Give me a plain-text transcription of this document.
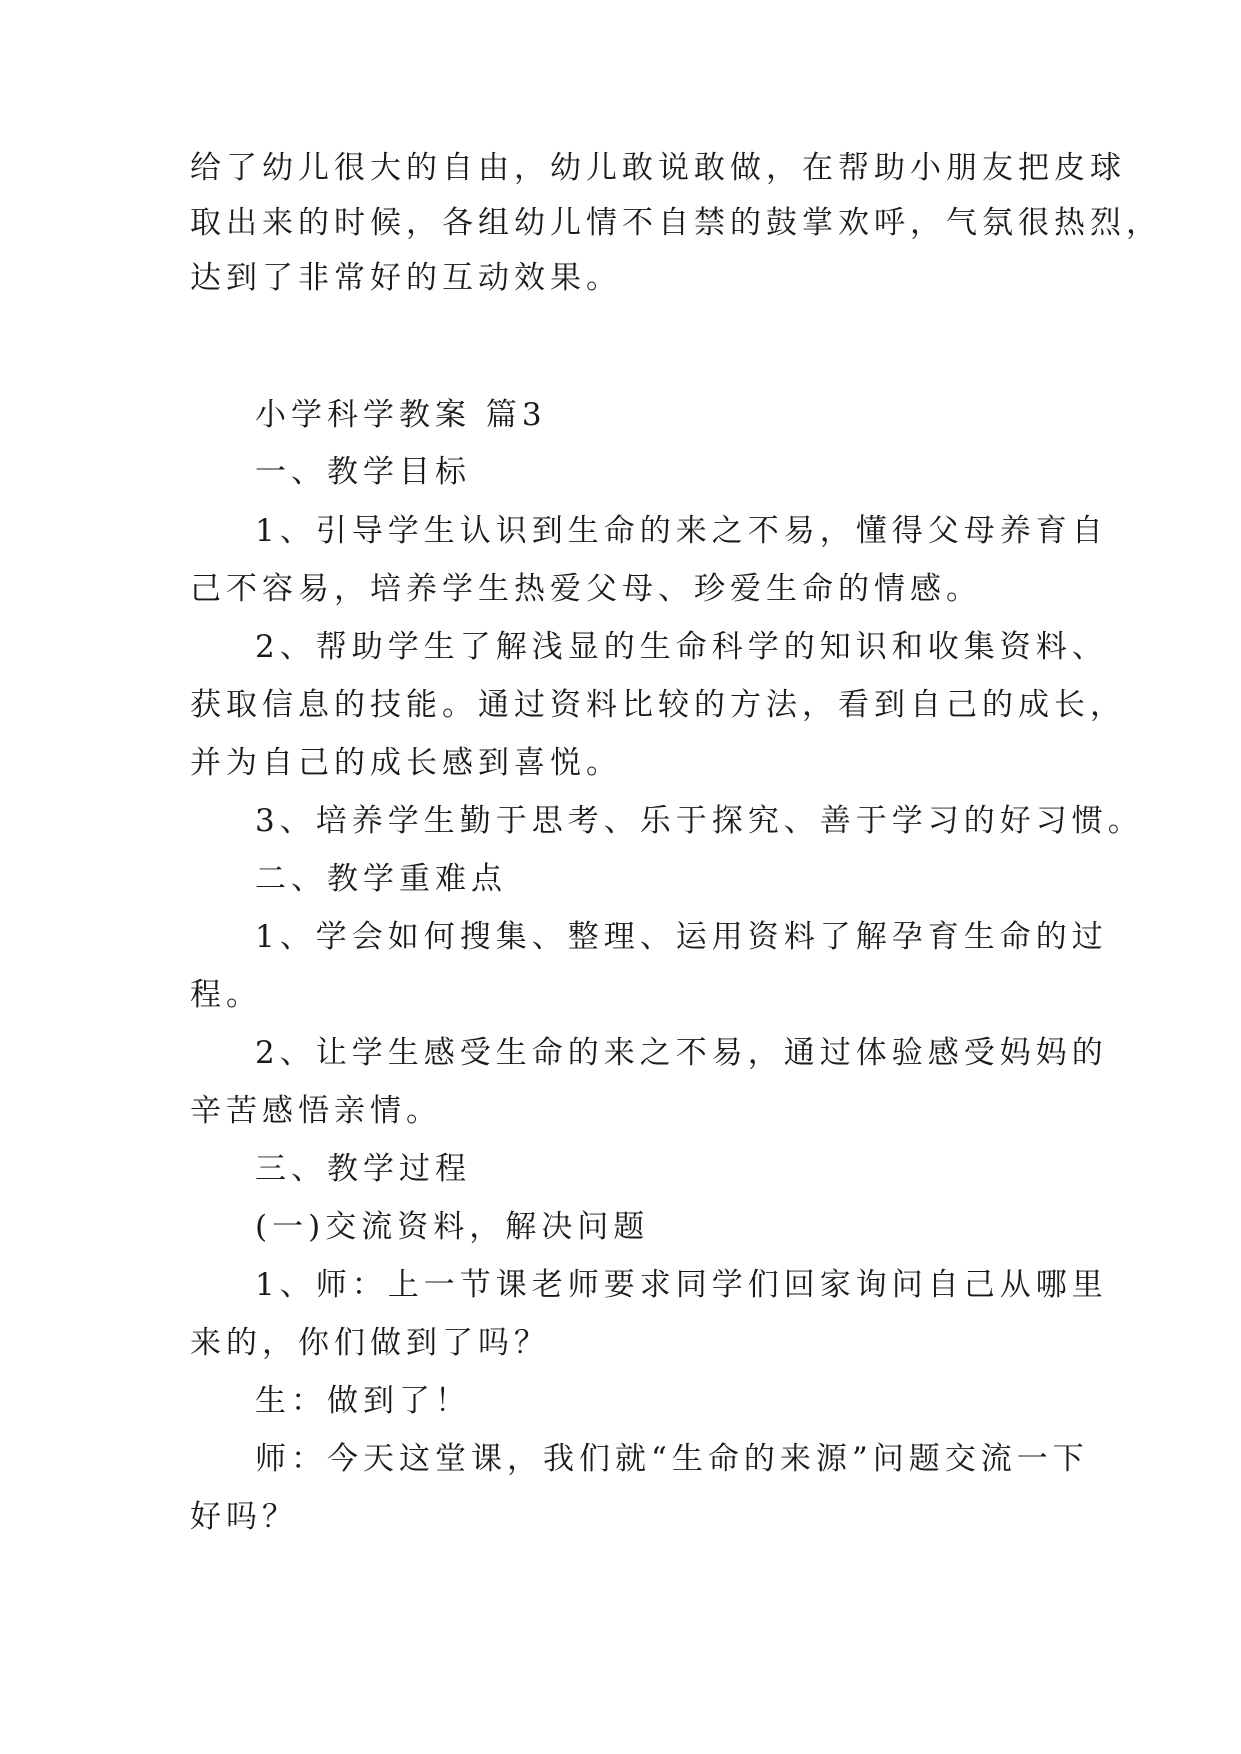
给了幼儿很大的自由，幼儿敢说敢做，在帮助小朋友把皮球
取出来的时候，各组幼儿情不自禁的鼓掌欢呼，气氛很热烈，
达到了非常好的互动效果。
小学科学教案 篇3
一、教学目标
1、引导学生认识到生命的来之不易，懂得父母养育自
己不容易，培养学生热爱父母、珍爱生命的情感。
2、帮助学生了解浅显的生命科学的知识和收集资料、
获取信息的技能。通过资料比较的方法，看到自己的成长，
并为自己的成长感到喜悦。
3、培养学生勤于思考、乐于探究、善于学习的好习惯。
二、教学重难点
1、学会如何搜集、整理、运用资料了解孕育生命的过
程。
2、让学生感受生命的来之不易，通过体验感受妈妈的
辛苦感悟亲情。
三、教学过程
(一)交流资料，解决问题
1、师：上一节课老师要求同学们回家询问自己从哪里
来的，你们做到了吗？
生：做到了！
师：今天这堂课，我们就“生命的来源”问题交流一下
好吗？
